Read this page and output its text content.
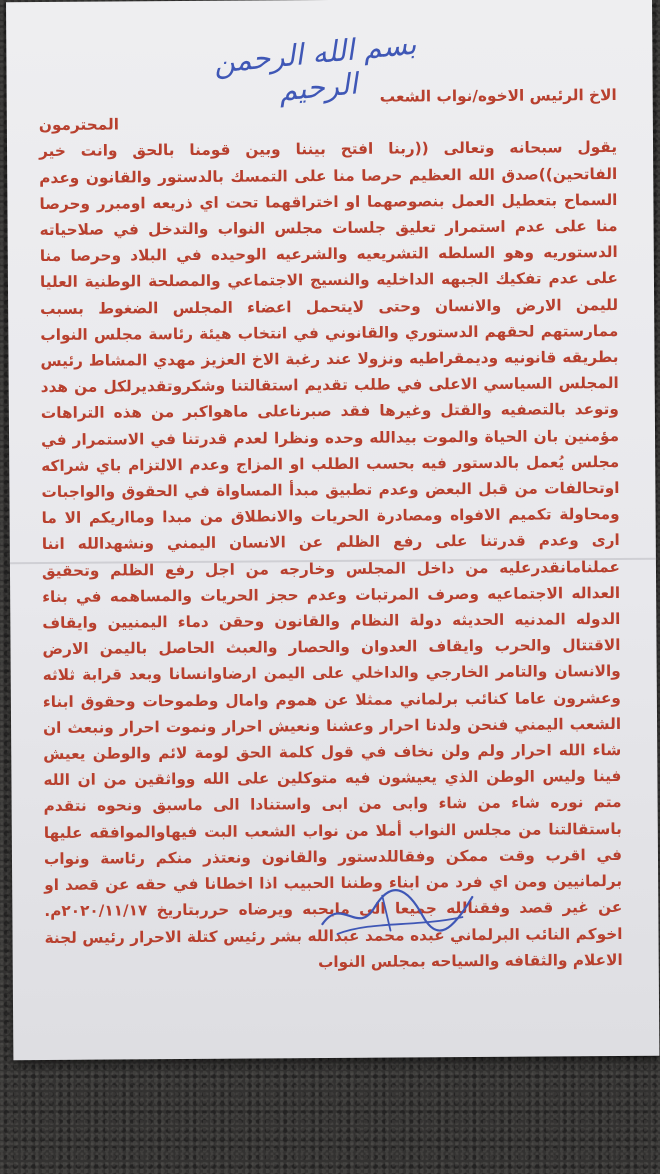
بسم الله الرحمن الرحيم	الاخ الرئيس الاخوه/نواب الشعب
المحترمون
يقول سبحانه وتعالى ((ربنا افتح بيننا وبين قومنا بالحق وانت خير الفاتحين))صدق الله العظيم حرصا منا على التمسك بالدستور والقانون وعدم السماح بتعطيل العمل بنصوصهما او اختراقهما تحت اي ذريعه اومبرر وحرصا منا على عدم استمرار تعليق جلسات مجلس النواب والتدخل في صلاحياته الدستوريه وهو السلطه التشريعيه والشرعيه الوحيده في البلاد وحرصا منا على عدم تفكيك الجبهه الداخليه والنسيج الاجتماعي والمصلحة الوطنية العليا لليمن الارض والانسان وحتى لايتحمل اعضاء المجلس الضغوط بسبب ممارستهم لحقهم الدستوري والقانوني في انتخاب هيئة رئاسة مجلس النواب بطريقه قانونيه وديمقراطيه ونزولا عند رغبة الاخ العزيز مهدي المشاط رئيس المجلس السياسي الاعلى في طلب تقديم استقالتنا وشكروتقديرلكل من هدد وتوعد بالتصفيه والقتل وغيرها فقد صبرناعلى ماهواكبر من هذه التراهات مؤمنين بان الحياة والموت بيدالله وحده ونظرا لعدم قدرتنا في الاستمرار في مجلس يُعمل بالدستور فيه بحسب الطلب او المزاج وعدم الالتزام باي شراكه اوتحالفات من قبل البعض وعدم تطبيق مبدأ المساواة في الحقوق والواجبات ومحاولة تكميم الافواه ومصادرة الحريات والانطلاق من مبدا ومااريكم الا ما ارى وعدم قدرتنا على رفع الظلم عن الانسان اليمني ونشهدالله اننا عملنامانقدرعليه من داخل المجلس وخارجه من اجل رفع الظلم وتحقيق العداله الاجتماعيه وصرف المرتبات وعدم حجز الحريات والمساهمه في بناء الدوله المدنيه الحديثه دولة النظام والقانون وحقن دماء اليمنيين وايقاف الاقتتال والحرب وايقاف العدوان والحصار والعبث الحاصل باليمن الارض والانسان والتامر الخارجي والداخلي على اليمن ارضاوانسانا وبعد قرابة ثلاثه وعشرون عاما كنائب برلماني ممثلا عن هموم وامال وطموحات وحقوق ابناء الشعب اليمني فنحن ولدنا احرار وعشنا ونعيش احرار ونموت احرار ونبعث ان شاء الله احرار ولم ولن نخاف في قول كلمة الحق لومة لائم والوطن يعيش فينا وليس الوطن الذي يعيشون فيه متوكلين على الله وواثقين من ان الله متم نوره شاء من شاء وابى من ابى واستنادا الى ماسبق ونحوه نتقدم باستقالتنا من مجلس النواب أملا من نواب الشعب البت فيهاوالموافقه عليها في اقرب وقت ممكن وفقاللدستور والقانون ونعتذر منكم رئاسة ونواب برلمانيين ومن اي فرد من ابناء وطننا الحبيب اذا اخطانا في حقه عن قصد او عن غير قصد وفقنالله جميعا الى مايحبه ويرضاه حرربتاريخ ٢٠٢٠/١١/١٧م. اخوكم النائب البرلماني عبده محمد عبدالله بشر رئيس كتلة الاحرار رئيس لجنة الاعلام والثقافه والسياحه بمجلس النواب
